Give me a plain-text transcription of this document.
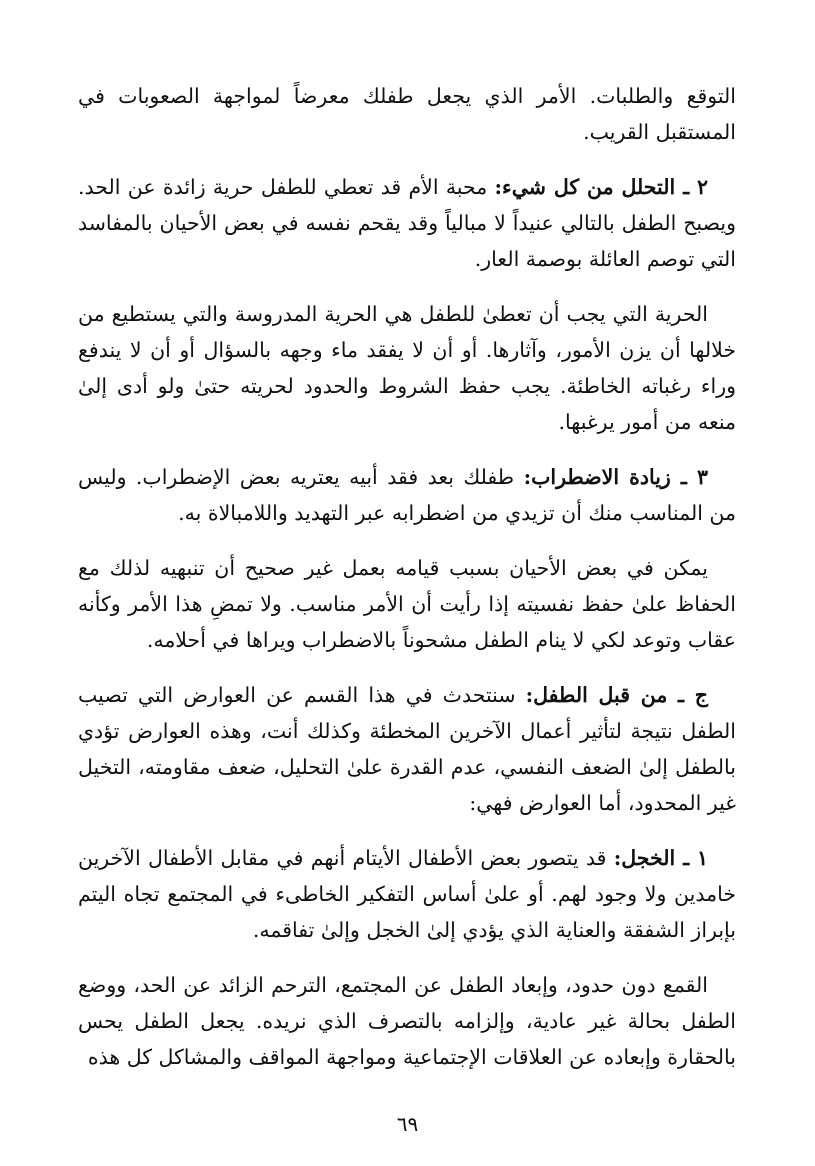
التوقع والطلبات. الأمر الذي يجعل طفلك معرضاً لمواجهة الصعوبات في المستقبل القريب.

٢ ـ التحلل من كل شيء: محبة الأم قد تعطي للطفل حرية زائدة عن الحد. ويصبح الطفل بالتالي عنيداً لا مبالياً وقد يقحم نفسه في بعض الأحيان بالمفاسد التي توصم العائلة بوصمة العار.

الحرية التي يجب أن تعطىٰ للطفل هي الحرية المدروسة والتي يستطيع من خلالها أن يزن الأمور، وآثارها. أو أن لا يفقد ماء وجهه بالسؤال أو أن لا يندفع وراء رغباته الخاطئة. يجب حفظ الشروط والحدود لحريته حتىٰ ولو أدى إلىٰ منعه من أمور يرغبها.

٣ ـ زيادة الاضطراب: طفلك بعد فقد أبيه يعتريه بعض الإضطراب. وليس من المناسب منك أن تزيدي من اضطرابه عبر التهديد واللامبالاة به.

يمكن في بعض الأحيان بسبب قيامه بعمل غير صحيح أن تنبهيه لذلك مع الحفاظ علىٰ حفظ نفسيته إذا رأيت أن الأمر مناسب. ولا تمضِ هذا الأمر وكأنه عقاب وتوعد لكي لا ينام الطفل مشحوناً بالاضطراب ويراها في أحلامه.

ج ـ من قبل الطفل: سنتحدث في هذا القسم عن العوارض التي تصيب الطفل نتيجة لتأثير أعمال الآخرين المخطئة وكذلك أنت، وهذه العوارض تؤدي بالطفل إلىٰ الضعف النفسي، عدم القدرة علىٰ التحليل، ضعف مقاومته، التخيل غير المحدود، أما العوارض فهي:

١ ـ الخجل: قد يتصور بعض الأطفال الأيتام أنهم في مقابل الأطفال الآخرين خامدين ولا وجود لهم. أو علىٰ أساس التفكير الخاطىء في المجتمع تجاه اليتم بإبراز الشفقة والعناية الذي يؤدي إلىٰ الخجل وإلىٰ تفاقمه.

القمع دون حدود، وإبعاد الطفل عن المجتمع، الترحم الزائد عن الحد، ووضع الطفل بحالة غير عادية، وإلزامه بالتصرف الذي نريده. يجعل الطفل يحس بالحقارة وإبعاده عن العلاقات الإجتماعية ومواجهة المواقف والمشاكل كل هذه

٦٩
